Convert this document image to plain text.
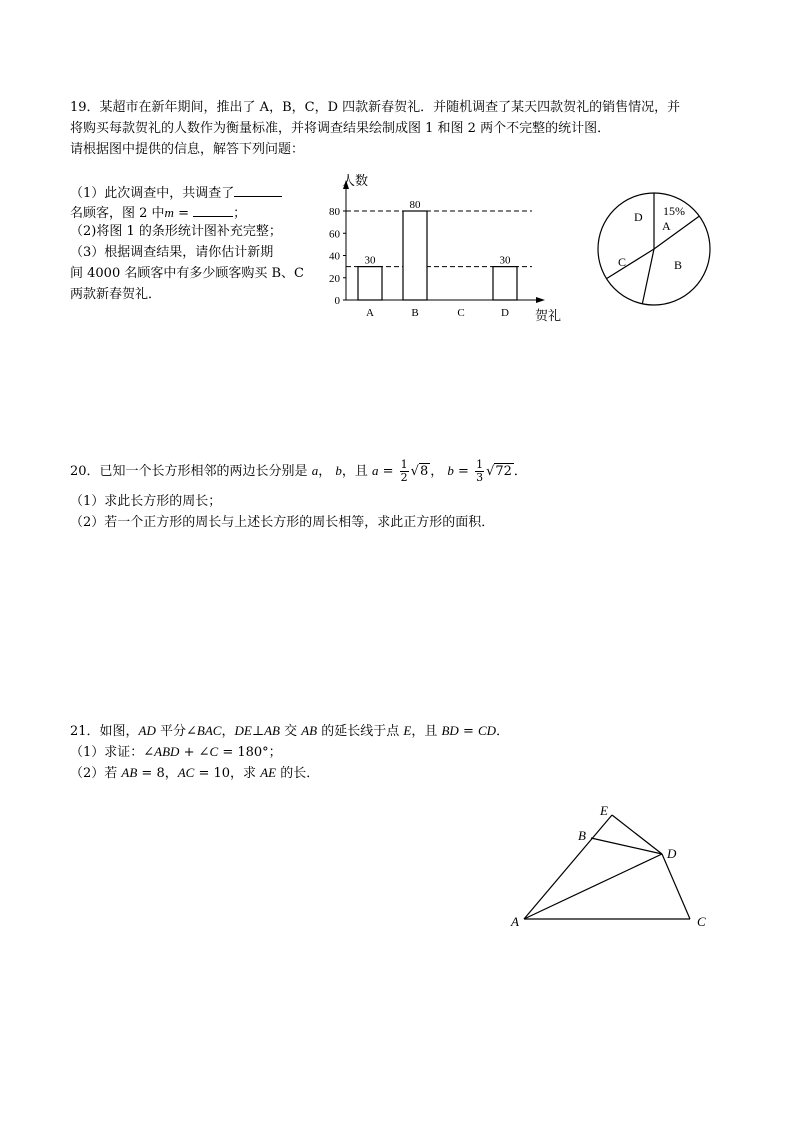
19．某超市在新年期间，推出了 A，B，C，D 四款新春贺礼．并随机调查了某天四款贺礼的销售情况，并
将购买每款贺礼的人数作为衡量标准，并将调查结果绘制成图 1 和图 2 两个不完整的统计图．
请根据图中提供的信息，解答下列问题：
（1）此次调查中，共调查了
名顾客，图 2 中m =	；
（2)将图 1 的条形统计图补充完整；
（3）根据调查结果，请你估计新期
间 4000 名顾客中有多少顾客购买 B、C
两款新春贺礼．
人数
贺礼
0
20
40
60
80
30
A
80
B	C
30
D
15%
A
B
C
D
20．已知一个长方形相邻的两边长分别是 a， b，且 $a = \frac{1}{2} √8$ ， $b = \frac{1}{3} √72$ ．
（1）求此长方形的周长；
（2）若一个正方形的周长与上述长方形的周长相等，求此正方形的面积．
21．如图，AD 平分∠BAC，DE⊥AB 交 AB 的延长线于点 E，且 BD = CD．
（1）求证：∠ABD + ∠C = 180°；
（2）若 AB = 8，AC = 10，求 AE 的长．
E
B
D
A	C
